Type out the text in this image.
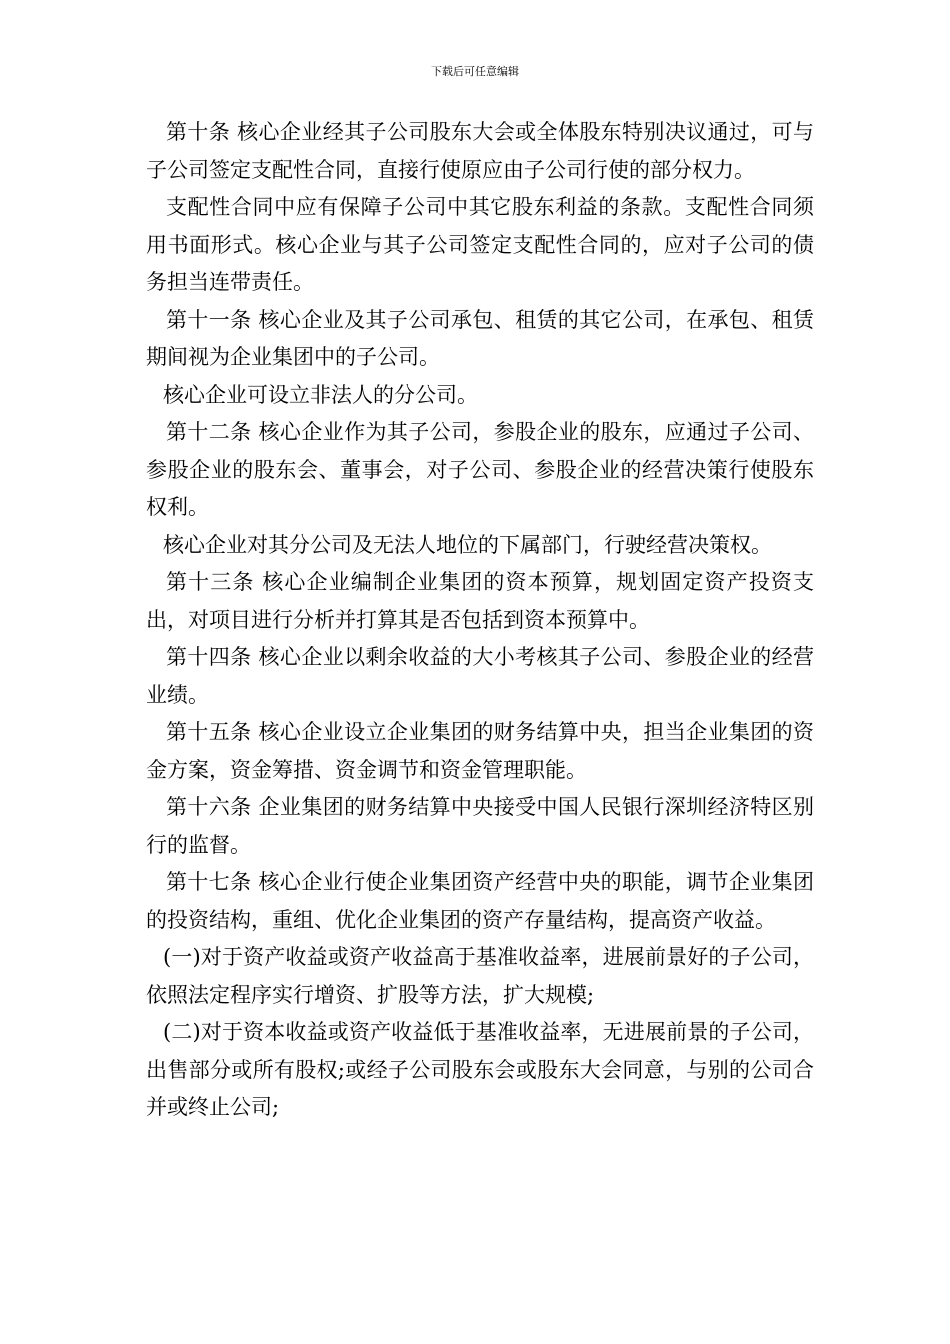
下载后可任意编辑

第十条 核心企业经其子公司股东大会或全体股东特别决议通过，可与子公司签定支配性合同，直接行使原应由子公司行使的部分权力。

支配性合同中应有保障子公司中其它股东利益的条款。支配性合同须用书面形式。核心企业与其子公司签定支配性合同的，应对子公司的债务担当连带责任。

第十一条 核心企业及其子公司承包、租赁的其它公司，在承包、租赁期间视为企业集团中的子公司。

核心企业可设立非法人的分公司。

第十二条 核心企业作为其子公司，参股企业的股东，应通过子公司、参股企业的股东会、董事会，对子公司、参股企业的经营决策行使股东权利。

核心企业对其分公司及无法人地位的下属部门，行驶经营决策权。

第十三条 核心企业编制企业集团的资本预算，规划固定资产投资支出，对项目进行分析并打算其是否包括到资本预算中。

第十四条 核心企业以剩余收益的大小考核其子公司、参股企业的经营业绩。

第十五条 核心企业设立企业集团的财务结算中央，担当企业集团的资金方案，资金筹措、资金调节和资金管理职能。

第十六条 企业集团的财务结算中央接受中国人民银行深圳经济特区别行的监督。

第十七条 核心企业行使企业集团资产经营中央的职能，调节企业集团的投资结构，重组、优化企业集团的资产存量结构，提高资产收益。

(一)对于资产收益或资产收益高于基准收益率，进展前景好的子公司，依照法定程序实行增资、扩股等方法，扩大规模;

(二)对于资本收益或资产收益低于基准收益率，无进展前景的子公司，出售部分或所有股权;或经子公司股东会或股东大会同意，与别的公司合并或终止公司;
